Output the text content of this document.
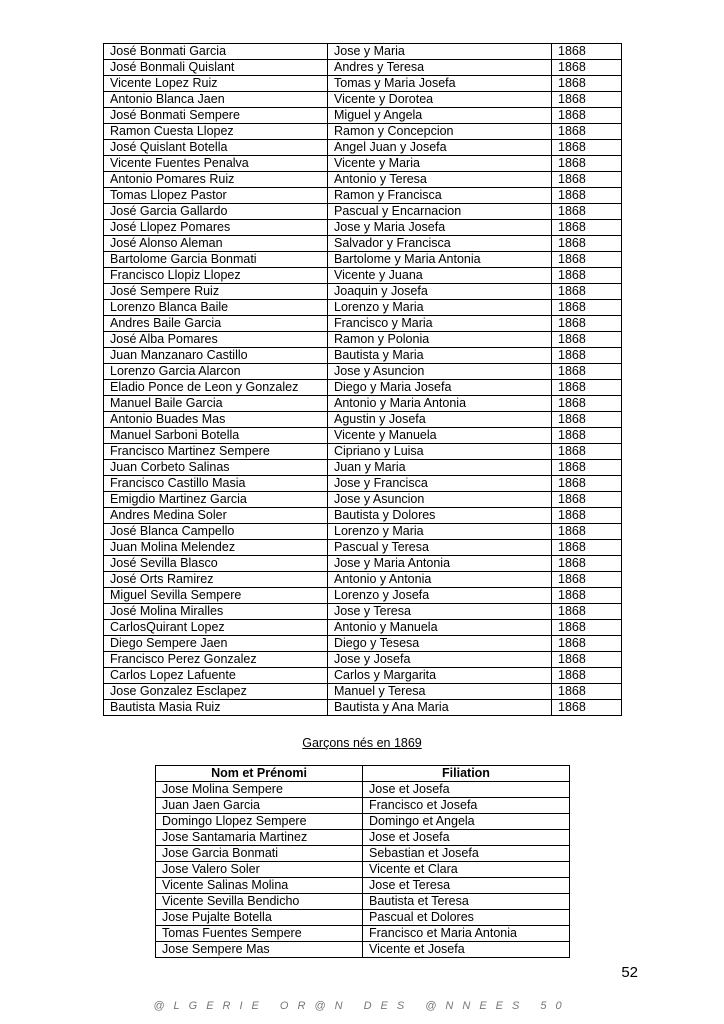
José Bonmati Garcia	Jose y Maria	1868
José Bonmali Quislant	Andres y Teresa	1868
Vicente Lopez Ruiz	Tomas y Maria Josefa	1868
Antonio Blanca Jaen	Vicente y Dorotea	1868
José Bonmati Sempere	Miguel y Angela	1868
Ramon Cuesta Llopez	Ramon y Concepcion	1868
José Quislant Botella	Angel Juan y Josefa	1868
Vicente Fuentes Penalva	Vicente y Maria	1868
Antonio Pomares Ruiz	Antonio y Teresa	1868
Tomas Llopez Pastor	Ramon y Francisca	1868
José Garcia Gallardo	Pascual y Encarnacion	1868
José Llopez Pomares	Jose y Maria Josefa	1868
José Alonso Aleman	Salvador y Francisca	1868
Bartolome Garcia Bonmati	Bartolome y Maria Antonia	1868
Francisco Llopiz Llopez	Vicente y Juana	1868
José Sempere Ruiz	Joaquin y Josefa	1868
Lorenzo Blanca Baile	Lorenzo y Maria	1868
Andres Baile Garcia	Francisco y Maria	1868
José Alba Pomares	Ramon y Polonia	1868
Juan Manzanaro Castillo	Bautista y Maria	1868
Lorenzo Garcia Alarcon	Jose y Asuncion	1868
Eladio Ponce de Leon y Gonzalez	Diego y Maria Josefa	1868
Manuel Baile Garcia	Antonio y Maria Antonia	1868
Antonio Buades Mas	Agustin y Josefa	1868
Manuel Sarboni Botella	Vicente y Manuela	1868
Francisco Martinez Sempere	Cipriano y Luisa	1868
Juan Corbeto Salinas	Juan y Maria	1868
Francisco Castillo Masia	Jose y Francisca	1868
Emigdio Martinez Garcia	Jose y Asuncion	1868
Andres Medina Soler	Bautista y Dolores	1868
José Blanca Campello	Lorenzo y Maria	1868
Juan Molina Melendez	Pascual y Teresa	1868
José Sevilla Blasco	Jose y Maria Antonia	1868
José Orts Ramirez	Antonio y Antonia	1868
Miguel Sevilla Sempere	Lorenzo y Josefa	1868
José Molina Miralles	Jose y Teresa	1868
CarlosQuirant Lopez	Antonio y Manuela	1868
Diego Sempere Jaen	Diego y Tesesa	1868
Francisco Perez Gonzalez	Jose y Josefa	1868
Carlos Lopez Lafuente	Carlos y Margarita	1868
Jose Gonzalez Esclapez	Manuel y Teresa	1868
Bautista Masia Ruiz	Bautista y Ana Maria	1868
Garçons nés en 1869
Nom et Prénomi	Filiation
Jose Molina Sempere	Jose et Josefa
Juan Jaen Garcia	Francisco et Josefa
Domingo Llopez Sempere	Domingo et Angela
Jose Santamaria Martinez	Jose et Josefa
Jose Garcia Bonmati	Sebastian et Josefa
Jose Valero Soler	Vicente et Clara
Vicente Salinas Molina	Jose et Teresa
Vicente Sevilla Bendicho	Bautista et Teresa
Jose Pujalte Botella	Pascual et Dolores
Tomas Fuentes Sempere	Francisco et Maria Antonia
Jose Sempere Mas	Vicente et Josefa
52
@LGERIE OR@N DES @NNEES 50
